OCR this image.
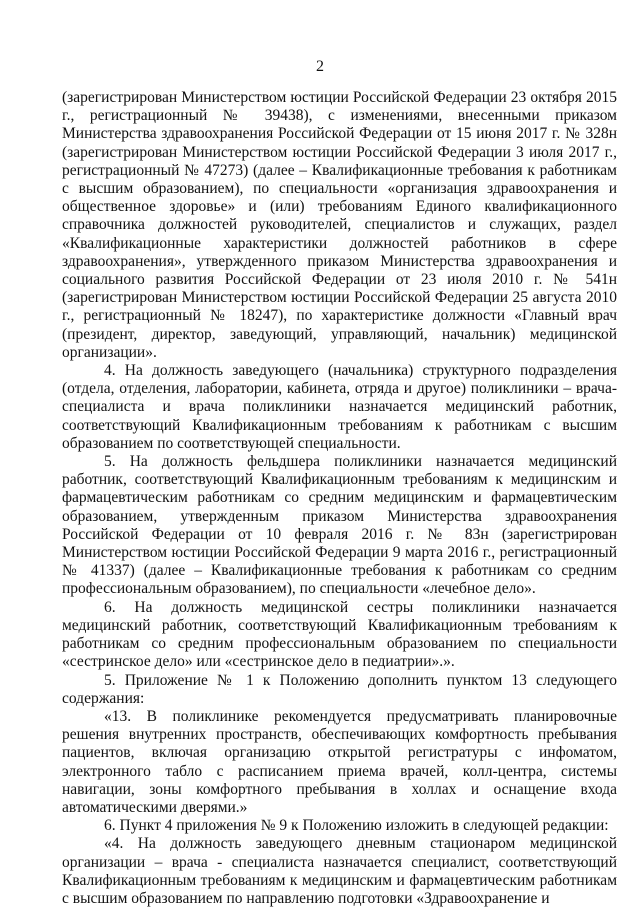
2

(зарегистрирован Министерством юстиции Российской Федерации 23 октября 2015 г., регистрационный № 39438), с изменениями, внесенными приказом Министерства здравоохранения Российской Федерации от 15 июня 2017 г. № 328н (зарегистрирован Министерством юстиции Российской Федерации 3 июля 2017 г., регистрационный № 47273) (далее – Квалификационные требования к работникам с высшим образованием), по специальности «организация здравоохранения и общественное здоровье» и (или) требованиям Единого квалификационного справочника должностей руководителей, специалистов и служащих, раздел «Квалификационные характеристики должностей работников в сфере здравоохранения», утвержденного приказом Министерства здравоохранения и социального развития Российской Федерации от 23 июля 2010 г. № 541н (зарегистрирован Министерством юстиции Российской Федерации 25 августа 2010 г., регистрационный № 18247), по характеристике должности «Главный врач (президент, директор, заведующий, управляющий, начальник) медицинской организации».

4. На должность заведующего (начальника) структурного подразделения (отдела, отделения, лаборатории, кабинета, отряда и другое) поликлиники – врача-специалиста и врача поликлиники назначается медицинский работник, соответствующий Квалификационным требованиям к работникам с высшим образованием по соответствующей специальности.

5. На должность фельдшера поликлиники назначается медицинский работник, соответствующий Квалификационным требованиям к медицинским и фармацевтическим работникам со средним медицинским и фармацевтическим образованием, утвержденным приказом Министерства здравоохранения Российской Федерации от 10 февраля 2016 г. № 83н (зарегистрирован Министерством юстиции Российской Федерации 9 марта 2016 г., регистрационный № 41337) (далее – Квалификационные требования к работникам со средним профессиональным образованием), по специальности «лечебное дело».

6. На должность медицинской сестры поликлиники назначается медицинский работник, соответствующий Квалификационным требованиям к работникам со средним профессиональным образованием по специальности «сестринское дело» или «сестринское дело в педиатрии».».

5. Приложение № 1 к Положению дополнить пунктом 13 следующего содержания:

«13. В поликлинике рекомендуется предусматривать планировочные решения внутренних пространств, обеспечивающих комфортность пребывания пациентов, включая организацию открытой регистратуры с инфоматом, электронного табло с расписанием приема врачей, колл-центра, системы навигации, зоны комфортного пребывания в холлах и оснащение входа автоматическими дверями.»

6. Пункт 4 приложения № 9 к Положению изложить в следующей редакции:

«4. На должность заведующего дневным стационаром медицинской организации – врача - специалиста назначается специалист, соответствующий Квалификационным требованиям к медицинским и фармацевтическим работникам с высшим образованием по направлению подготовки «Здравоохранение и
